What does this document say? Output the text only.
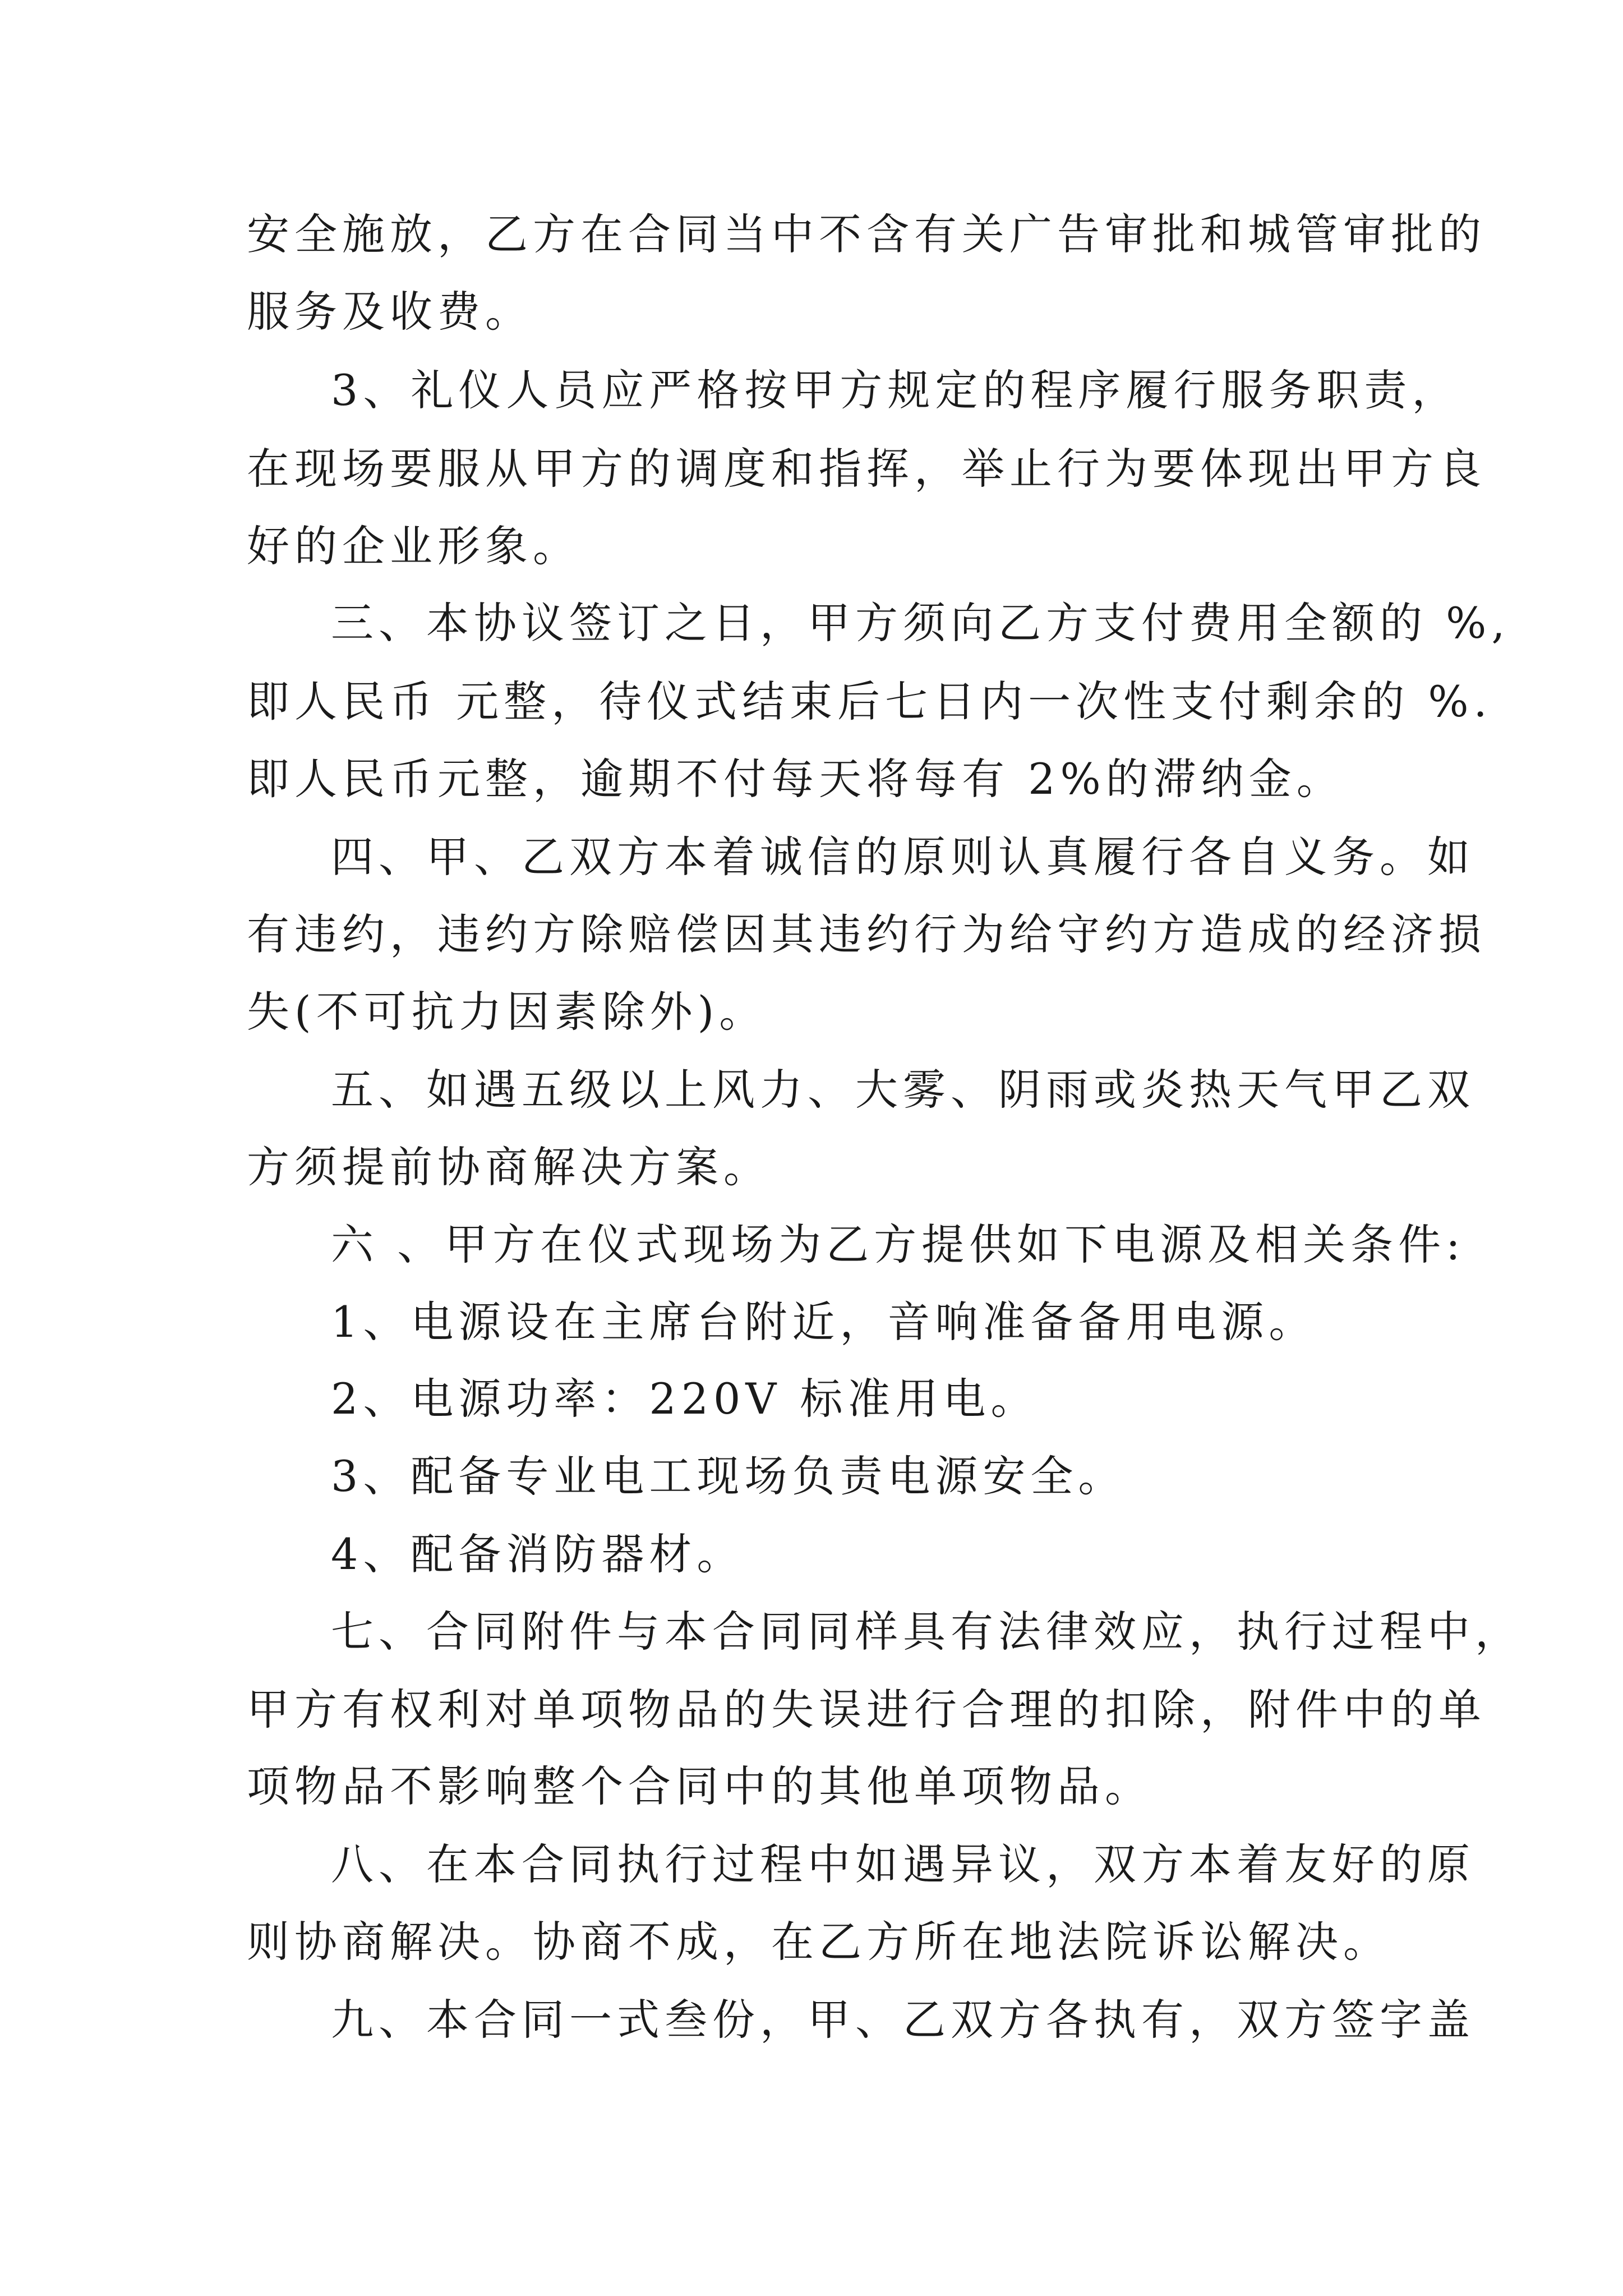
安全施放，乙方在合同当中不含有关广告审批和城管审批的

服务及收费。

3、礼仪人员应严格按甲方规定的程序履行服务职责，

在现场要服从甲方的调度和指挥，举止行为要体现出甲方良

好的企业形象。

三、本协议签订之日，甲方须向乙方支付费用全额的 %,

即人民币 元整，待仪式结束后七日内一次性支付剩余的 %.

即人民币元整，逾期不付每天将每有 2%的滞纳金。

四、甲、乙双方本着诚信的原则认真履行各自义务。如

有违约，违约方除赔偿因其违约行为给守约方造成的经济损

失(不可抗力因素除外)。

五、如遇五级以上风力、大雾、阴雨或炎热天气甲乙双

方须提前协商解决方案。

六 、甲方在仪式现场为乙方提供如下电源及相关条件:

1、电源设在主席台附近，音响准备备用电源。

2、电源功率：220V 标准用电。

3、配备专业电工现场负责电源安全。

4、配备消防器材。

七、合同附件与本合同同样具有法律效应，执行过程中，

甲方有权利对单项物品的失误进行合理的扣除，附件中的单

项物品不影响整个合同中的其他单项物品。

八、在本合同执行过程中如遇异议，双方本着友好的原

则协商解决。协商不成，在乙方所在地法院诉讼解决。

九、本合同一式叁份，甲、乙双方各执有，双方签字盖
